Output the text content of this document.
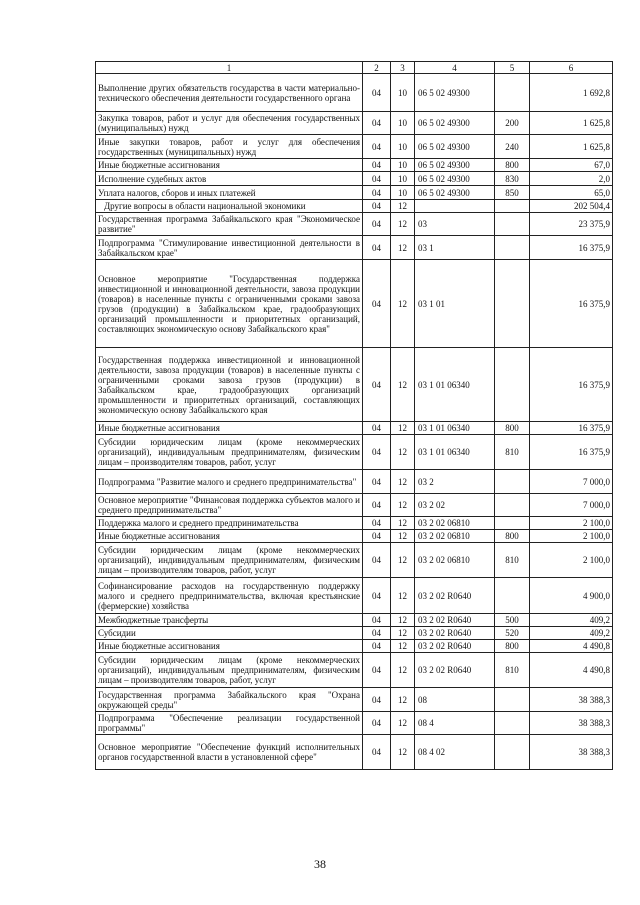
1	2	3	4	5	6
Выполнение других обязательств государства в части материально-технического обеспечения деятельности государственного органа	04	10	06 5 02 49300		1 692,8
Закупка товаров, работ и услуг для обеспечения государственных (муниципальных) нужд	04	10	06 5 02 49300	200	1 625,8
Иные закупки товаров, работ и услуг для обеспечения государственных (муниципальных) нужд	04	10	06 5 02 49300	240	1 625,8
Иные бюджетные ассигнования	04	10	06 5 02 49300	800	67,0
Исполнение судебных актов	04	10	06 5 02 49300	830	2,0
Уплата налогов, сборов и иных платежей	04	10	06 5 02 49300	850	65,0
Другие вопросы в области национальной экономики	04	12			202 504,4
Государственная программа Забайкальского края "Экономическое развитие"	04	12	03		23 375,9
Подпрограмма "Стимулирование инвестиционной деятельности в Забайкальском крае"	04	12	03 1		16 375,9
Основное мероприятие "Государственная поддержка инвестиционной и инновационной деятельности, завоза продукции (товаров) в населенные пункты с ограниченными сроками завоза грузов (продукции) в Забайкальском крае, градообразующих организаций промышленности и приоритетных организаций, составляющих экономическую основу Забайкальского края"	04	12	03 1 01		16 375,9
Государственная поддержка инвестиционной и инновационной деятельности, завоза продукции (товаров) в населенные пункты с ограниченными сроками завоза грузов (продукции) в Забайкальском крае, градообразующих организаций промышленности и приоритетных организаций, составляющих экономическую основу Забайкальского края	04	12	03 1 01 06340		16 375,9
Иные бюджетные ассигнования	04	12	03 1 01 06340	800	16 375,9
Субсидии юридическим лицам (кроме некоммерческих организаций), индивидуальным предпринимателям, физическим лицам – производителям товаров, работ, услуг	04	12	03 1 01 06340	810	16 375,9
Подпрограмма "Развитие малого и среднего предпринимательства"	04	12	03 2		7 000,0
Основное мероприятие "Финансовая поддержка субъектов малого и среднего предпринимательства"	04	12	03 2 02		7 000,0
Поддержка малого и среднего предпринимательства	04	12	03 2 02 06810		2 100,0
Иные бюджетные ассигнования	04	12	03 2 02 06810	800	2 100,0
Субсидии юридическим лицам (кроме некоммерческих организаций), индивидуальным предпринимателям, физическим лицам – производителям товаров, работ, услуг	04	12	03 2 02 06810	810	2 100,0
Софинансирование расходов на государственную поддержку малого и среднего предпринимательства, включая крестьянские (фермерские) хозяйства	04	12	03 2 02 R0640		4 900,0
Межбюджетные трансферты	04	12	03 2 02 R0640	500	409,2
Субсидии	04	12	03 2 02 R0640	520	409,2
Иные бюджетные ассигнования	04	12	03 2 02 R0640	800	4 490,8
Субсидии юридическим лицам (кроме некоммерческих организаций), индивидуальным предпринимателям, физическим лицам – производителям товаров, работ, услуг	04	12	03 2 02 R0640	810	4 490,8
Государственная программа Забайкальского края "Охрана окружающей среды"	04	12	08		38 388,3
Подпрограмма "Обеспечение реализации государственной программы"	04	12	08 4		38 388,3
Основное мероприятие "Обеспечение функций исполнительных органов государственной власти в установленной сфере"	04	12	08 4 02		38 388,3
38
